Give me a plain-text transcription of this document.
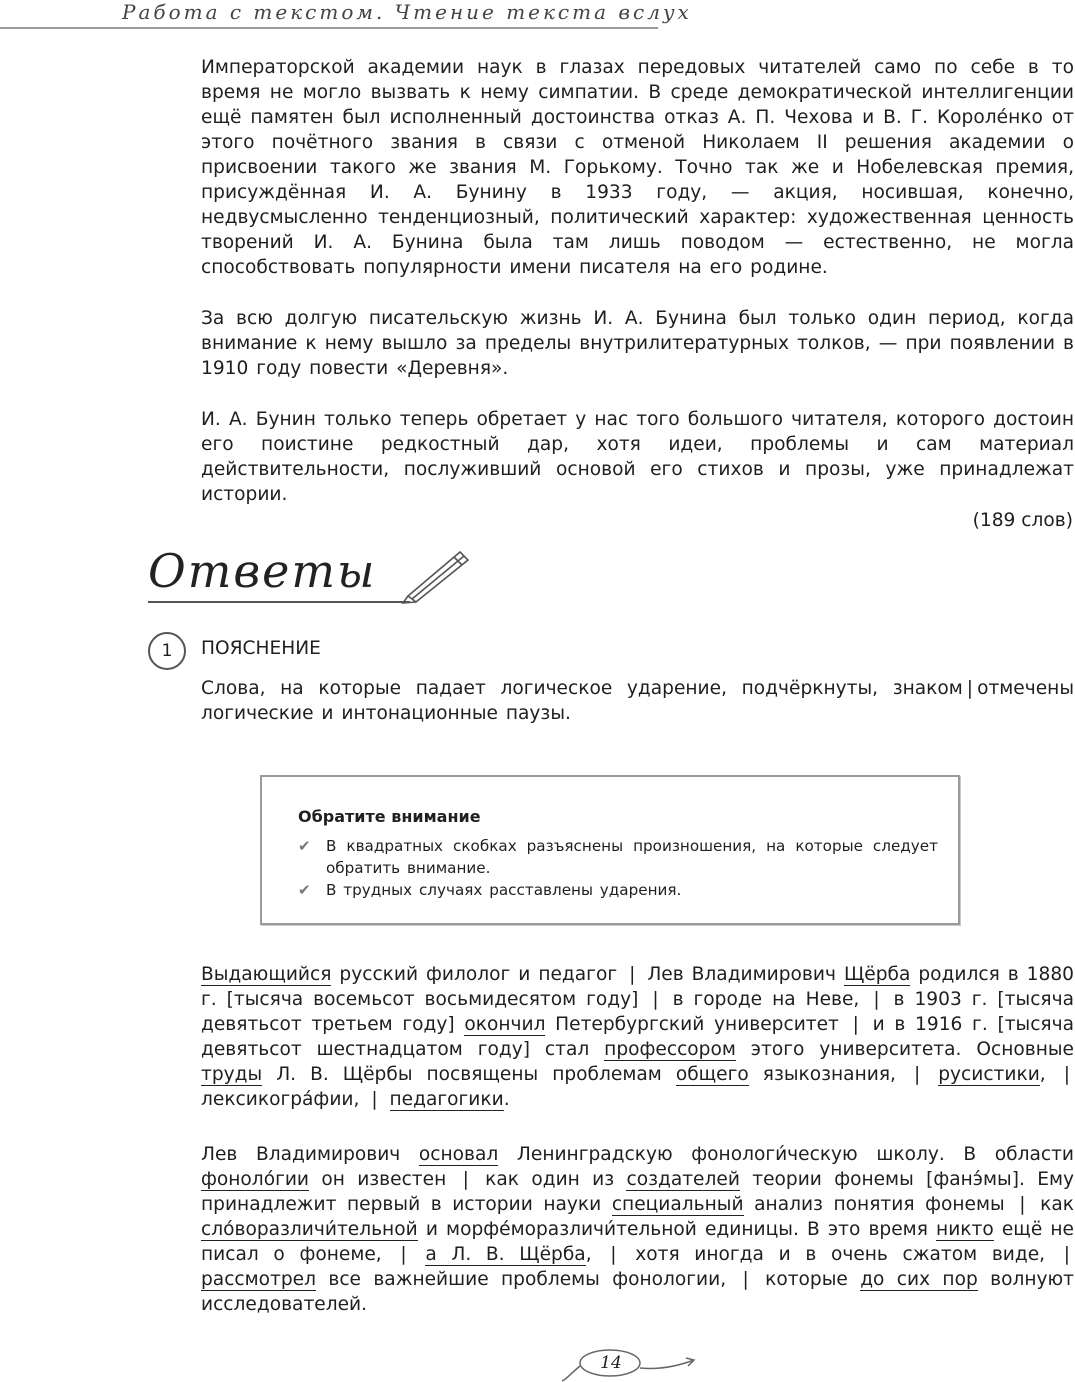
Работа с текстом. Чтение текста вслух

Императорской академии наук в глазах передовых читателей само по себе в то время не могло вызвать к нему симпатии. В среде демократической интеллигенции ещё памятен был исполненный достоинства отказ А. П. Чехова и В. Г. Короле́нко от этого почётного звания в связи с отменой Николаем II решения академии о присвоении такого же звания М. Горькому. Точно так же и Нобелевская премия, присуждённая И. А. Бунину в 1933 году, — акция, носившая, конечно, недвусмысленно тенденциозный, политический характер: художественная ценность творений И. А. Бунина была там лишь поводом — естественно, не могла способствовать популярности имени писателя на его родине.

За всю долгую писательскую жизнь И. А. Бунина был только один период, когда внимание к нему вышло за пределы внутрилитературных толков, — при появлении в 1910 году повести «Деревня».

И. А. Бунин только теперь обретает у нас того большого читателя, которого достоин его поистине редкостный дар, хотя идеи, проблемы и сам материал действительности, послуживший основой его стихов и прозы, уже принадлежат истории.

(189 слов)
Ответы
1	ПОЯСНЕНИЕ

Слова, на которые падает логическое ударение, подчёркнуты, знаком | отмечены логические и интонационные паузы.

Обратите внимание
✔ В квадратных скобках разъяснены произношения, на которые следует обратить внимание.
✔ В трудных случаях расставлены ударения.

Выдающийся русский филолог и педагог | Лев Владимирович Щёрба родился в 1880 г. [тысяча восемьсот восьмидесятом году] | в городе на Неве, | в 1903 г. [тысяча девятьсот третьем году] окончил Петербургский университет | и в 1916 г. [тысяча девятьсот шестнадцатом году] стал профессором этого университета. Основные труды Л. В. Щёрбы посвящены проблемам общего языкознания, | русистики, | лексикогра́фии, | педагогики.

Лев Владимирович основал Ленинградскую фонологи́ческую школу. В области фоноло́гии он известен | как один из создателей теории фонемы [фанэ́мы]. Ему принадлежит первый в истории науки специальный анализ понятия фонемы | как сло́воразличи́тельной и морфе́моразличи́тельной единицы. В это время никто ещё не писал о фонеме, | а Л. В. Щёрба, | хотя иногда и в очень сжатом виде, | рассмотрел все важнейшие проблемы фонологии, | которые до сих пор волнуют исследователей.

14
